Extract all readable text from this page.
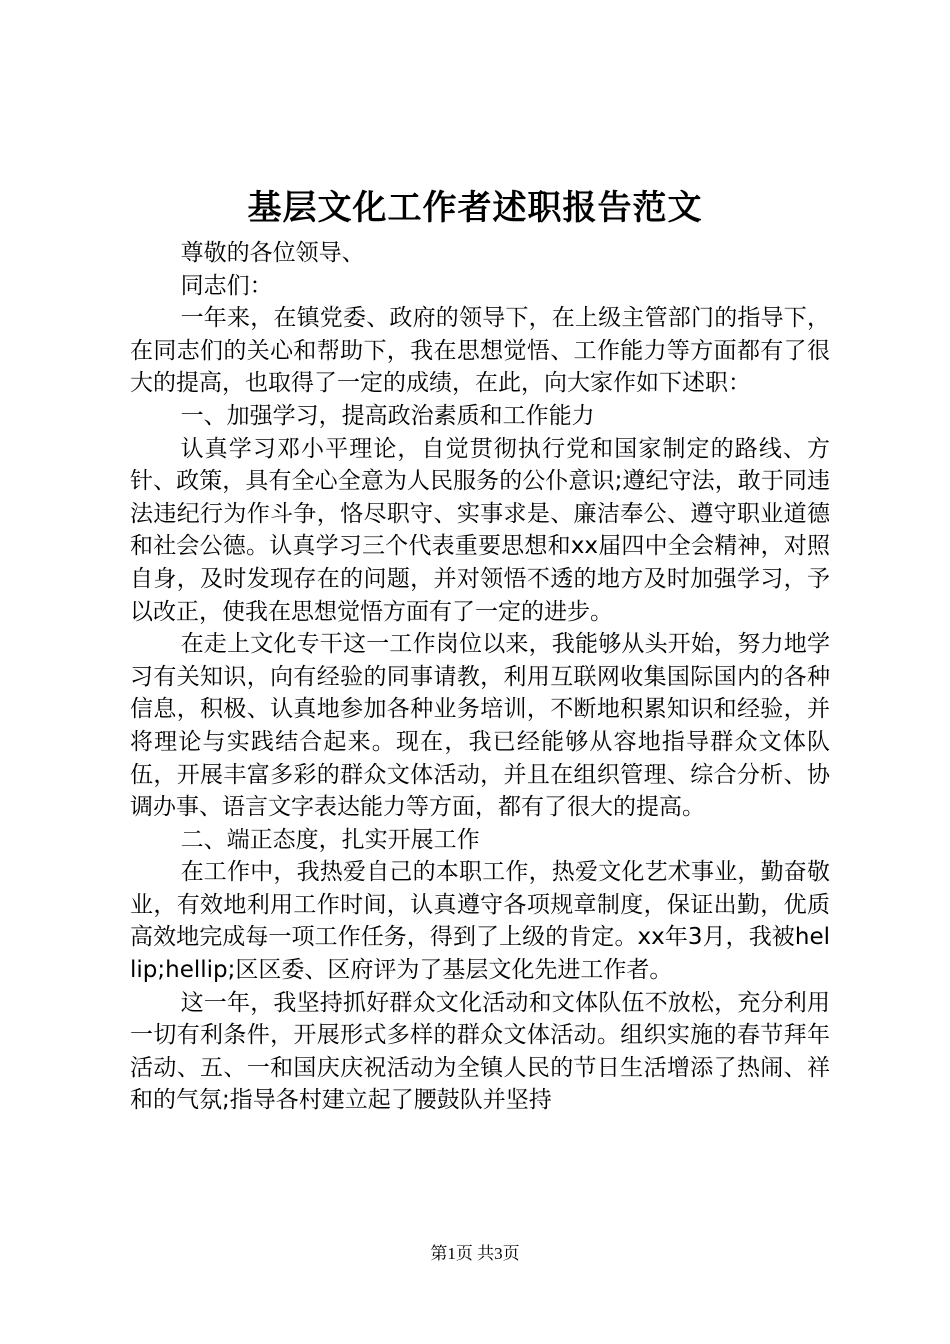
基层文化工作者述职报告范文

尊敬的各位领导、

同志们：

一年来，在镇党委、政府的领导下，在上级主管部门的指导下，在同志们的关心和帮助下，我在思想觉悟、工作能力等方面都有了很大的提高，也取得了一定的成绩，在此，向大家作如下述职：

一、加强学习，提高政治素质和工作能力

认真学习邓小平理论，自觉贯彻执行党和国家制定的路线、方针、政策，具有全心全意为人民服务的公仆意识;遵纪守法，敢于同违法违纪行为作斗争，恪尽职守、实事求是、廉洁奉公、遵守职业道德和社会公德。认真学习三个代表重要思想和xx届四中全会精神，对照自身，及时发现存在的问题，并对领悟不透的地方及时加强学习，予以改正，使我在思想觉悟方面有了一定的进步。

在走上文化专干这一工作岗位以来，我能够从头开始，努力地学习有关知识，向有经验的同事请教，利用互联网收集国际国内的各种信息，积极、认真地参加各种业务培训，不断地积累知识和经验，并将理论与实践结合起来。现在，我已经能够从容地指导群众文体队伍，开展丰富多彩的群众文体活动，并且在组织管理、综合分析、协调办事、语言文字表达能力等方面，都有了很大的提高。

二、端正态度，扎实开展工作

在工作中，我热爱自己的本职工作，热爱文化艺术事业，勤奋敬业，有效地利用工作时间，认真遵守各项规章制度，保证出勤，优质高效地完成每一项工作任务，得到了上级的肯定。xx年3月，我被hellip;hellip;区区委、区府评为了基层文化先进工作者。

这一年，我坚持抓好群众文化活动和文体队伍不放松，充分利用一切有利条件，开展形式多样的群众文体活动。组织实施的春节拜年活动、五、一和国庆庆祝活动为全镇人民的节日生活增添了热闹、祥和的气氛;指导各村建立起了腰鼓队并坚持

第1页 共3页
